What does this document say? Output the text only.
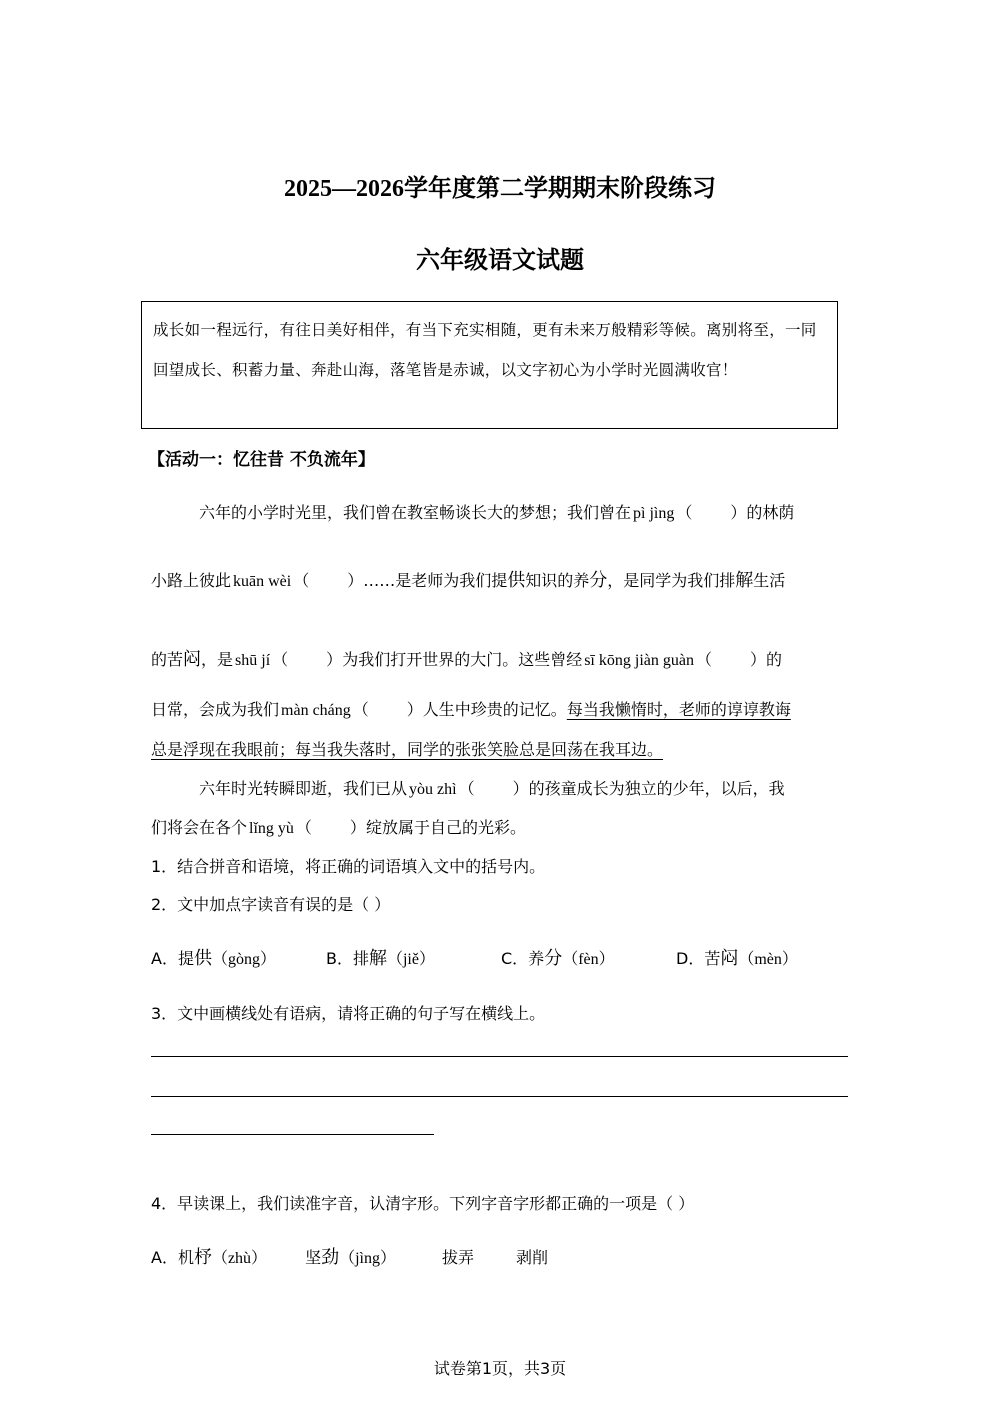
2025—2026学年度第二学期期末阶段练习
六年级语文试题
成长如一程远行，有往日美好相伴，有当下充实相随，更有未来万般精彩等候。离别将至，一同回望成长、积蓄力量、奔赴山海，落笔皆是赤诚，以文字初心为小学时光圆满收官！
【活动一：忆往昔 不负流年】
六年的小学时光里，我们曾在教室畅谈长大的梦想；我们曾在 pì jìng （ ）的林荫
小路上彼此 kuān wèi （ ）……是老师为我们提供知识的养分，是同学为我们排解生活
的苦闷，是 shū jí （ ）为我们打开世界的大门。这些曾经 sī kōng jiàn guàn （ ）的
日常，会成为我们 màn cháng （ ）人生中珍贵的记忆。每当我懒惰时，老师的谆谆教诲
总是浮现在我眼前；每当我失落时，同学的张张笑脸总是回荡在我耳边。
六年时光转瞬即逝，我们已从 yòu zhì （ ）的孩童成长为独立的少年，以后，我
们将会在各个 lǐng yù （ ）绽放属于自己的光彩。
1．结合拼音和语境，将正确的词语填入文中的括号内。
2．文中加点字读音有误的是（ ）
A．提供（gòng）	B．排解（jiě）	C．养分（fèn）	D．苦闷（mèn）
3．文中画横线处有语病，请将正确的句子写在横线上。
4．早读课上，我们读准字音，认清字形。下列字音字形都正确的一项是（ ）
A．机杼（zhù） 坚劲（jìng）	拔弄	剥削
试卷第1页，共3页
